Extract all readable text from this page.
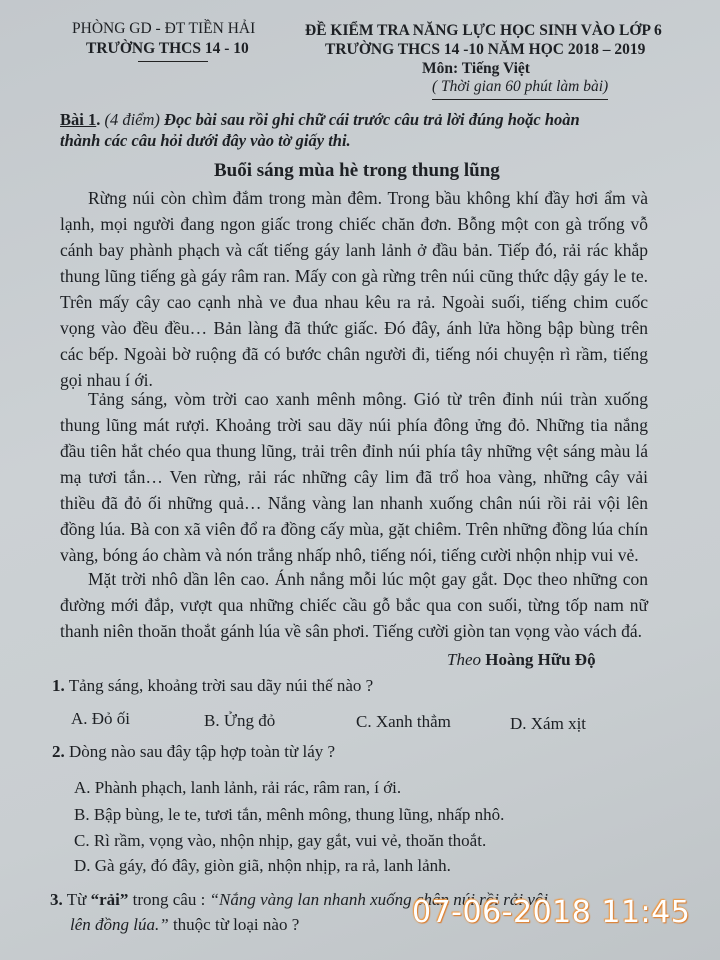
PHÒNG GD - ĐT TIỀN HẢI
TRƯỜNG THCS 14 - 10
ĐỀ KIỂM TRA NĂNG LỰC HỌC SINH VÀO LỚP 6
TRƯỜNG THCS 14 -10 NĂM HỌC 2018 – 2019
Môn: Tiếng Việt
( Thời gian 60 phút làm bài)
Bài 1. (4 điểm) Đọc bài sau rồi ghi chữ cái trước câu trả lời đúng hoặc hoàn
thành các câu hỏi dưới đây vào tờ giấy thi.
Buổi sáng mùa hè trong thung lũng
Rừng núi còn chìm đắm trong màn đêm. Trong bầu không khí đầy hơi ẩm và
lạnh, mọi người đang ngon giấc trong chiếc chăn đơn. Bỗng một con gà trống vỗ
cánh bay phành phạch và cất tiếng gáy lanh lảnh ở đầu bản. Tiếp đó, rải rác khắp
thung lũng tiếng gà gáy râm ran. Mấy con gà rừng trên núi cũng thức dậy gáy le te.
Trên mấy cây cao cạnh nhà ve đua nhau kêu ra rả. Ngoài suối, tiếng chim cuốc
vọng vào đều đều… Bản làng đã thức giấc. Đó đây, ánh lửa hồng bập bùng trên
các bếp. Ngoài bờ ruộng đã có bước chân người đi, tiếng nói chuyện rì rầm, tiếng
gọi nhau í ới.
Tảng sáng, vòm trời cao xanh mênh mông. Gió từ trên đỉnh núi tràn xuống
thung lũng mát rượi. Khoảng trời sau dãy núi phía đông ửng đỏ. Những tia nắng
đầu tiên hắt chéo qua thung lũng, trải trên đỉnh núi phía tây những vệt sáng màu lá
mạ tươi tắn… Ven rừng, rải rác những cây lim đã trổ hoa vàng, những cây vải
thiều đã đỏ ối những quả… Nắng vàng lan nhanh xuống chân núi rồi rải vội lên
đồng lúa. Bà con xã viên đổ ra đồng cấy mùa, gặt chiêm. Trên những đồng lúa chín
vàng, bóng áo chàm và nón trắng nhấp nhô, tiếng nói, tiếng cười nhộn nhịp vui vẻ.
Mặt trời nhô dần lên cao. Ánh nắng mỗi lúc một gay gắt. Dọc theo những con
đường mới đắp, vượt qua những chiếc cầu gỗ bắc qua con suối, từng tốp nam nữ
thanh niên thoăn thoắt gánh lúa về sân phơi. Tiếng cười giòn tan vọng vào vách đá.
Theo Hoàng Hữu Độ
1. Tảng sáng, khoảng trời sau dãy núi thế nào ?
A. Đỏ ối	B. Ửng đỏ	C. Xanh thẳm	D. Xám xịt
2. Dòng nào sau đây tập hợp toàn từ láy ?
A. Phành phạch, lanh lảnh, rải rác, râm ran, í ới.
B. Bập bùng, le te, tươi tắn, mênh mông, thung lũng, nhấp nhô.
C. Rì rầm, vọng vào, nhộn nhịp, gay gắt, vui vẻ, thoăn thoắt.
D. Gà gáy, đó đây, giòn giã, nhộn nhịp, ra rả, lanh lảnh.
3. Từ “rải” trong câu : “Nắng vàng lan nhanh xuống chân núi rồi rải vội
lên đồng lúa.” thuộc từ loại nào ?	07-06-2018 11:45
